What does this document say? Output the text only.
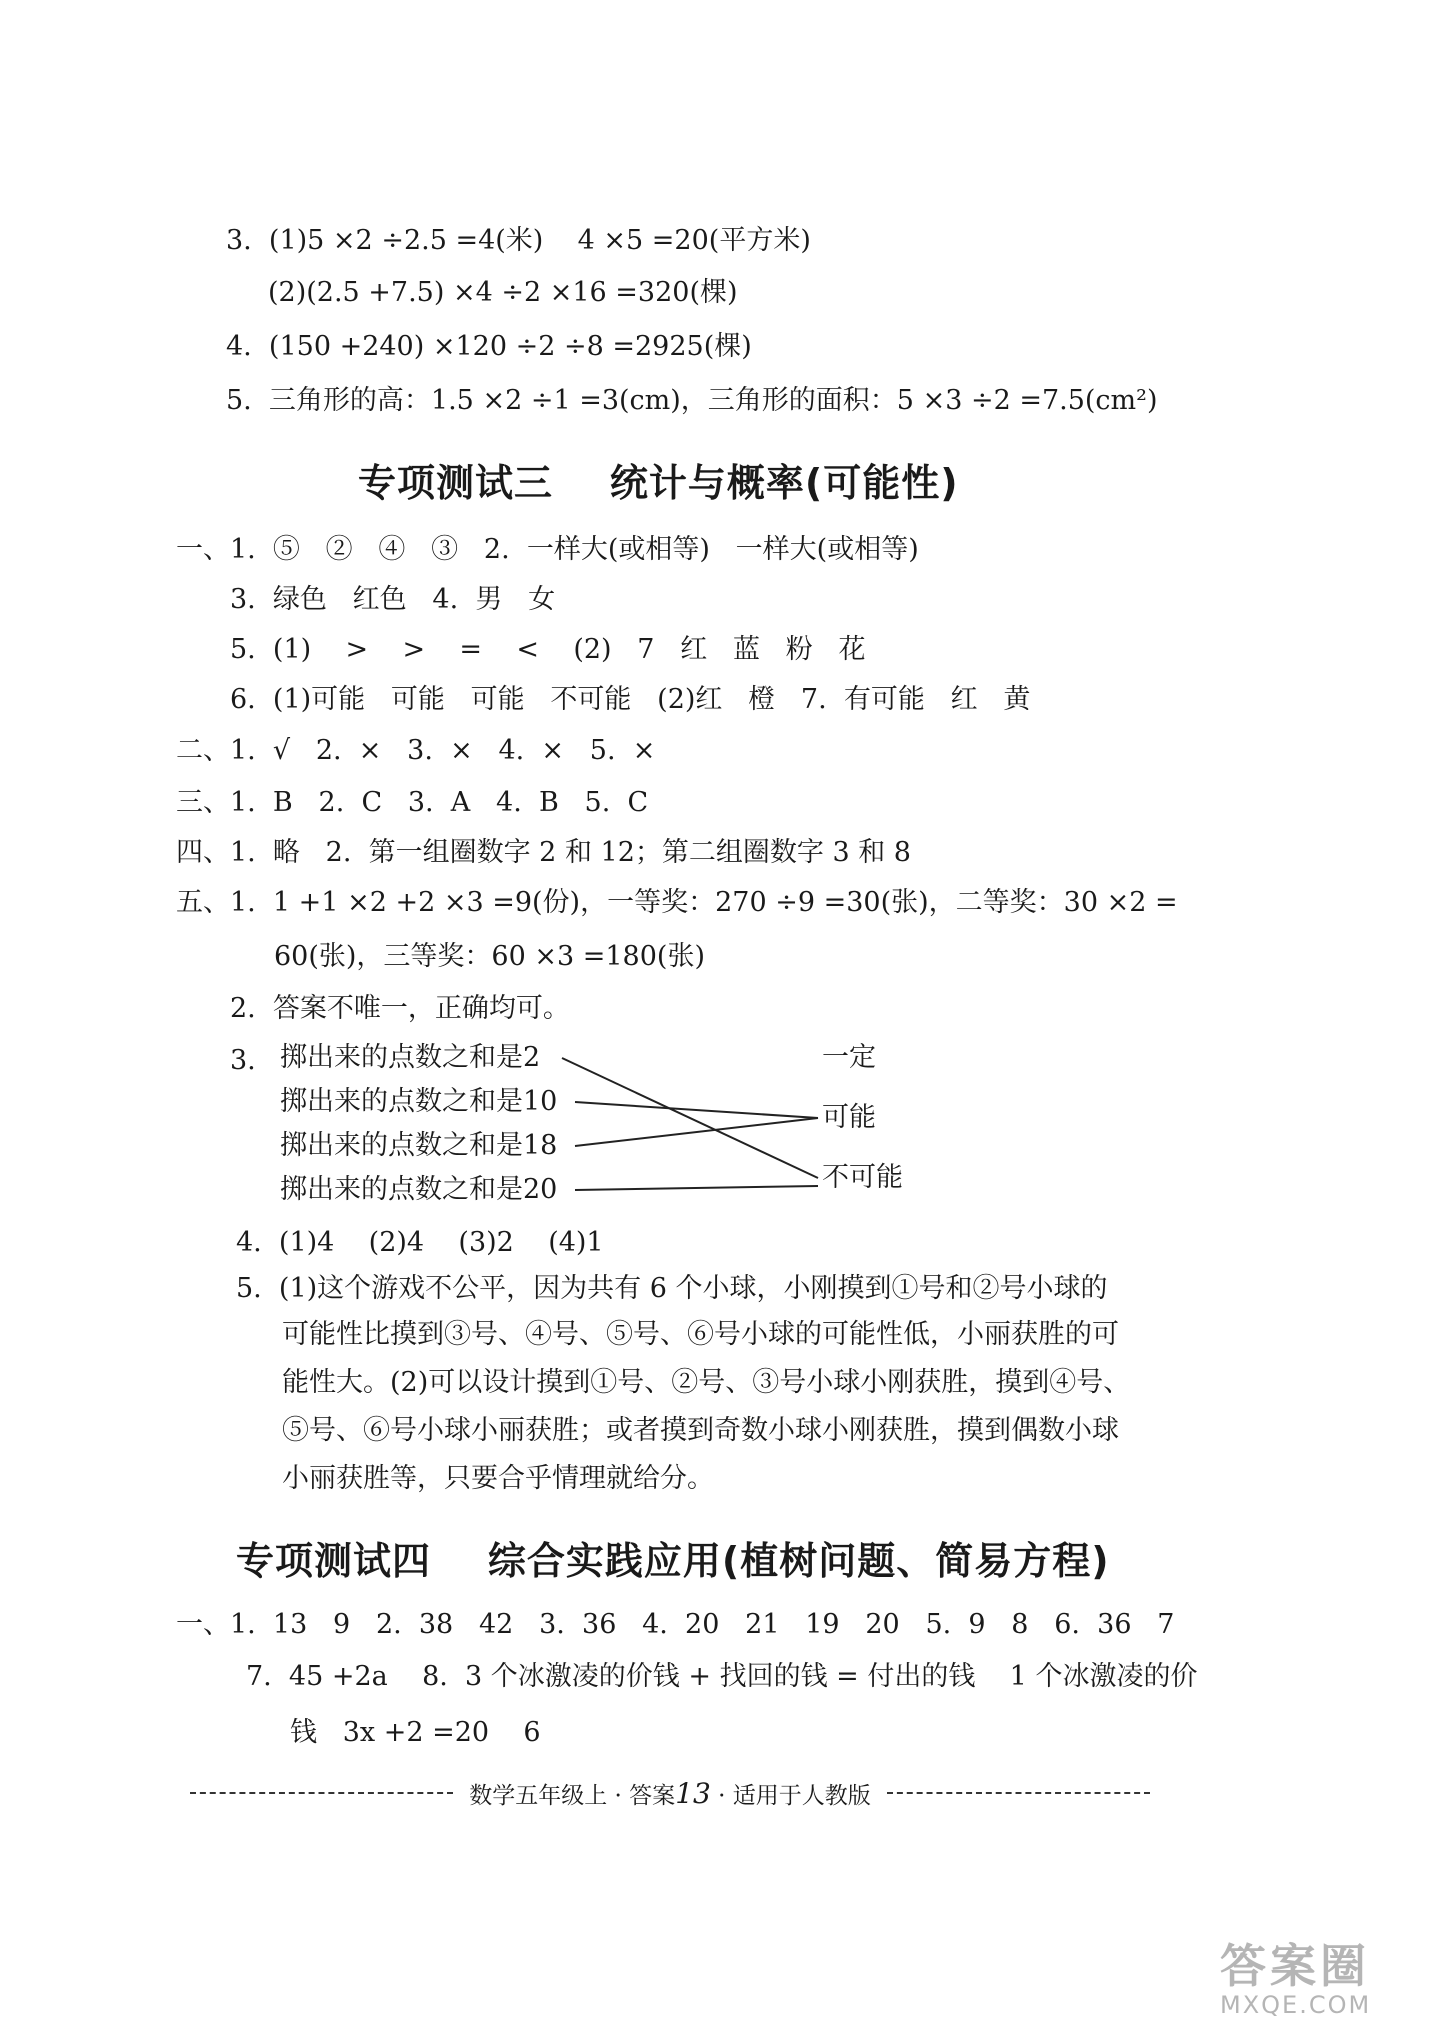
3.  (1)5 ×2 ÷2.5 =4(米)    4 ×5 =20(平方米)
(2)(2.5 +7.5) ×4 ÷2 ×16 =320(棵)
4.  (150 +240) ×120 ÷2 ÷8 =2925(棵)
5.  三角形的高：1.5 ×2 ÷1 =3(cm)，三角形的面积：5 ×3 ÷2 =7.5(cm²)
专项测试三    统计与概率(可能性)
一、1.  ⑤   ②   ④   ③   2.  一样大(或相等)   一样大(或相等)
3.  绿色   红色   4.  男   女
5.  (1)    >    >    =    <    (2)   7   红   蓝   粉   花
6.  (1)可能   可能   可能   不可能   (2)红   橙   7.  有可能   红   黄
二、1.  √   2.  ×   3.  ×   4.  ×   5.  ×
三、1.  B   2.  C   3.  A   4.  B   5.  C
四、1.  略   2.  第一组圈数字 2 和 12；第二组圈数字 3 和 8
五、1.  1 +1 ×2 +2 ×3 =9(份)，一等奖：270 ÷9 =30(张)，二等奖：30 ×2 =
60(张)，三等奖：60 ×3 =180(张)
2.  答案不唯一，正确均可。
3. 掷出来的点数之和是2
掷出来的点数之和是10
掷出来的点数之和是18
掷出来的点数之和是20
一定
可能
不可能
4.  (1)4    (2)4    (3)2    (4)1
5.  (1)这个游戏不公平，因为共有 6 个小球，小刚摸到①号和②号小球的
可能性比摸到③号、④号、⑤号、⑥号小球的可能性低，小丽获胜的可
能性大。(2)可以设计摸到①号、②号、③号小球小刚获胜，摸到④号、
⑤号、⑥号小球小丽获胜；或者摸到奇数小球小刚获胜，摸到偶数小球
小丽获胜等，只要合乎情理就给分。
专项测试四    综合实践应用(植树问题、简易方程)
一、1.  13   9   2.  38   42   3.  36   4.  20   21   19   20   5.  9   8   6.  36   7
7.  45 +2a    8.  3 个冰激凌的价钱 + 找回的钱 = 付出的钱    1 个冰激凌的价
钱   3x +2 =20    6
数学五年级上 · 答案13 · 适用于人教版
答案圈
MXQE.COM
